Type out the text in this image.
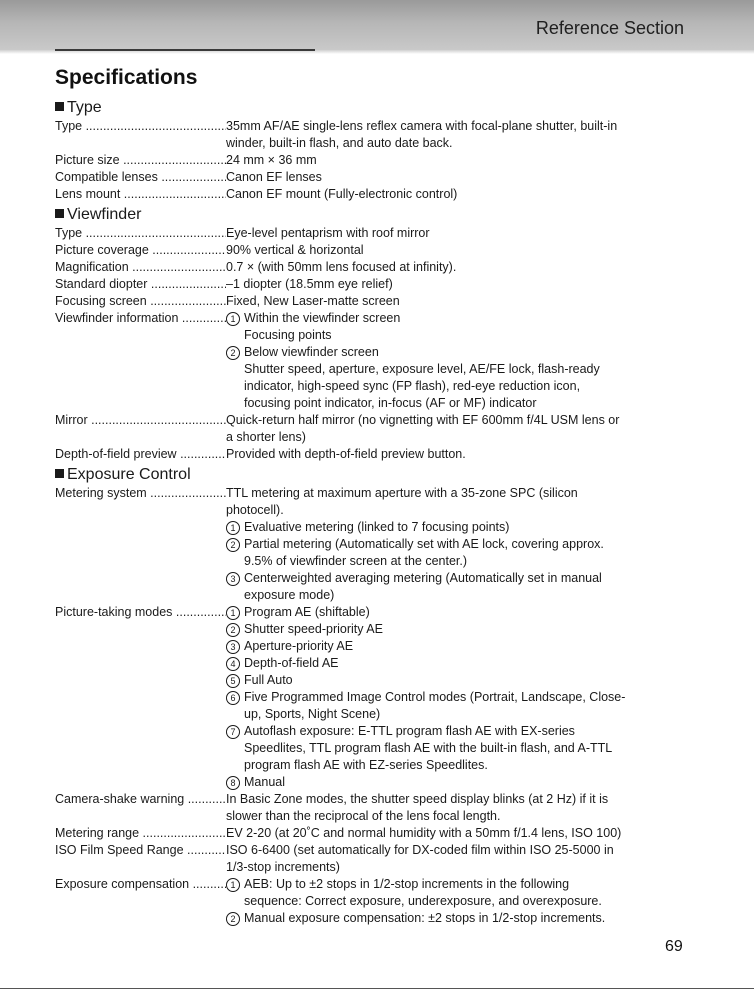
Reference Section
Specifications
Type
Type .....	35mm AF/AE single-lens reflex camera with focal-plane shutter, built-in
winder, built-in flash, and auto date back.
Picture size .....	24 mm × 36 mm
Compatible lenses .....	Canon EF lenses
Lens mount .....	Canon EF mount (Fully-electronic control)
Viewfinder
Type .....	Eye-level pentaprism with roof mirror
Picture coverage .....	90% vertical & horizontal
Magnification .....	0.7 × (with 50mm lens focused at infinity).
Standard diopter .....	–1 diopter (18.5mm eye relief)
Focusing screen .....	Fixed, New Laser-matte screen
Viewfinder information .....	1 Within the viewfinder screen
Focusing points
2 Below viewfinder screen
Shutter speed, aperture, exposure level, AE/FE lock, flash-ready
indicator, high-speed sync (FP flash), red-eye reduction icon,
focusing point indicator, in-focus (AF or MF) indicator
Mirror .....	Quick-return half mirror (no vignetting with EF 600mm f/4L USM lens or
a shorter lens)
Depth-of-field preview .....	Provided with depth-of-field preview button.
Exposure Control
Metering system .....	TTL metering at maximum aperture with a 35-zone SPC (silicon
photocell).
1 Evaluative metering (linked to 7 focusing points)
2 Partial metering (Automatically set with AE lock, covering approx.
9.5% of viewfinder screen at the center.)
3 Centerweighted averaging metering (Automatically set in manual
exposure mode)
Picture-taking modes .....	1 Program AE (shiftable)
2 Shutter speed-priority AE
3 Aperture-priority AE
4 Depth-of-field AE
5 Full Auto
6 Five Programmed Image Control modes (Portrait, Landscape, Close-
up, Sports, Night Scene)
7 Autoflash exposure: E-TTL program flash AE with EX-series
Speedlites, TTL program flash AE with the built-in flash, and A-TTL
program flash AE with EZ-series Speedlites.
8 Manual
Camera-shake warning .....	In Basic Zone modes, the shutter speed display blinks (at 2 Hz) if it is
slower than the reciprocal of the lens focal length.
Metering range .....	EV 2-20 (at 20˚C and normal humidity with a 50mm f/1.4 lens, ISO 100)
ISO Film Speed Range .....	ISO 6-6400 (set automatically for DX-coded film within ISO 25-5000 in
1/3-stop increments)
Exposure compensation .....	1 AEB: Up to ±2 stops in 1/2-stop increments in the following
sequence: Correct exposure, underexposure, and overexposure.
2 Manual exposure compensation: ±2 stops in 1/2-stop increments.
69
